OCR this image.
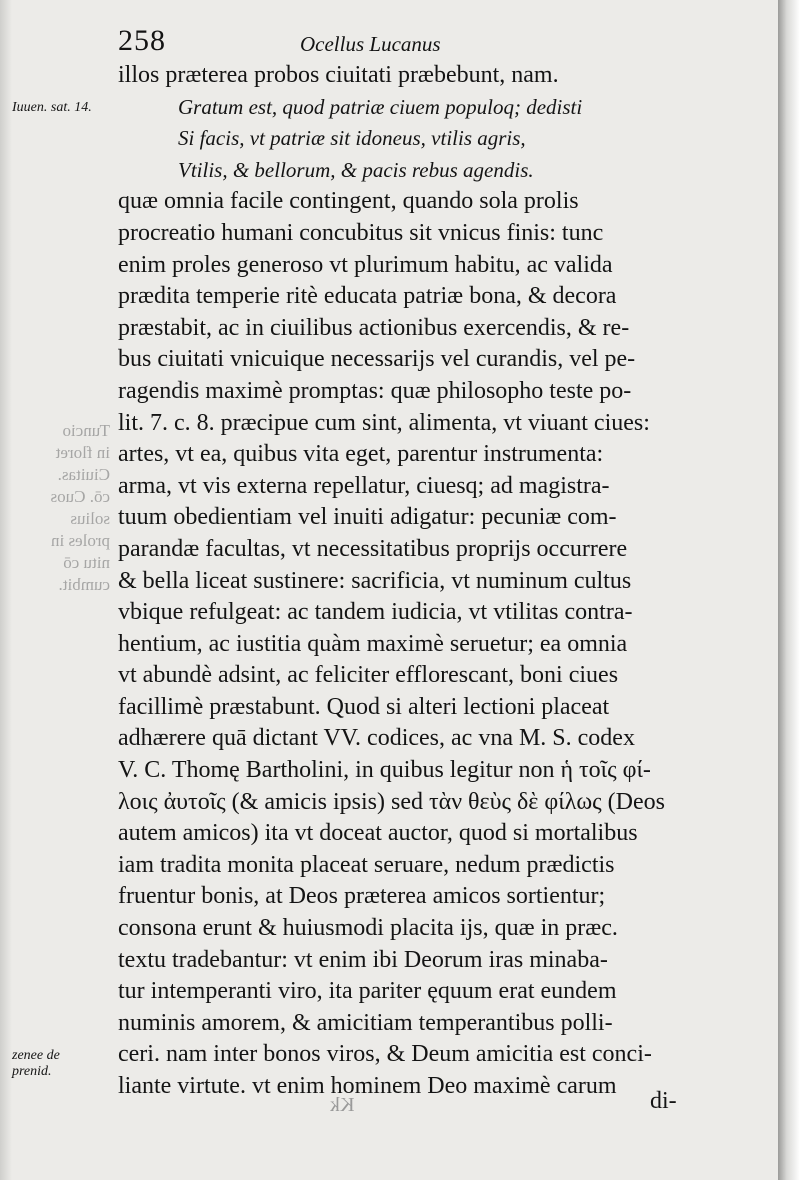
258	Ocellus Lucanus
Tuncio
in floret
Ciuitas.
cō. Cuos
solius
proles in
nitu cō
cumbit.
Iuuen. sat. 14.
zenee de prenid.
illos præterea probos ciuitati præbebunt, nam.
Gratum est, quod patriæ ciuem populoq; dedisti
Si facis, vt patriæ sit idoneus, vtilis agris,
Vtilis, & bellorum, & pacis rebus agendis.
quæ omnia facile contingent, quando sola prolis
procreatio humani concubitus sit vnicus finis: tunc
enim proles generoso vt plurimum habitu, ac valida
prædita temperie ritè educata patriæ bona, & decora
præstabit, ac in ciuilibus actionibus exercendis, & re-
bus ciuitati vnicuique necessarijs vel curandis, vel pe-
ragendis maximè promptas: quæ philosopho teste po-
lit. 7. c. 8. præcipue cum sint, alimenta, vt viuant ciues:
artes, vt ea, quibus vita eget, parentur instrumenta:
arma, vt vis externa repellatur, ciuesq; ad magistra-
tuum obedientiam vel inuiti adigatur: pecuniæ com-
parandæ facultas, vt necessitatibus proprijs occurrere
& bella liceat sustinere: sacrificia, vt numinum cultus
vbique refulgeat: ac tandem iudicia, vt vtilitas contra-
hentium, ac iustitia quàm maximè seruetur; ea omnia
vt abundè adsint, ac feliciter efflorescant, boni ciues
facillimè præstabunt. Quod si alteri lectioni placeat
adhærere quā dictant VV. codices, ac vna M. S. codex
V. C. Thomę Bartholini, in quibus legitur non ἡ τοῖς φί-
λοις ἀυτοῖς (& amicis ipsis) sed τὰν θεὺς δὲ φίλως (Deos
autem amicos) ita vt doceat auctor, quod si mortalibus
iam tradita monita placeat seruare, nedum prædictis
fruentur bonis, at Deos præterea amicos sortientur;
consona erunt & huiusmodi placita ijs, quæ in præc.
textu tradebantur: vt enim ibi Deorum iras minaba-
tur intemperanti viro, ita pariter ęquum erat eundem
numinis amorem, & amicitiam temperantibus polli-
ceri. nam inter bonos viros, & Deum amicitia est conci-
liante virtute. vt enim hominem Deo maximè carum
Kk	di-
